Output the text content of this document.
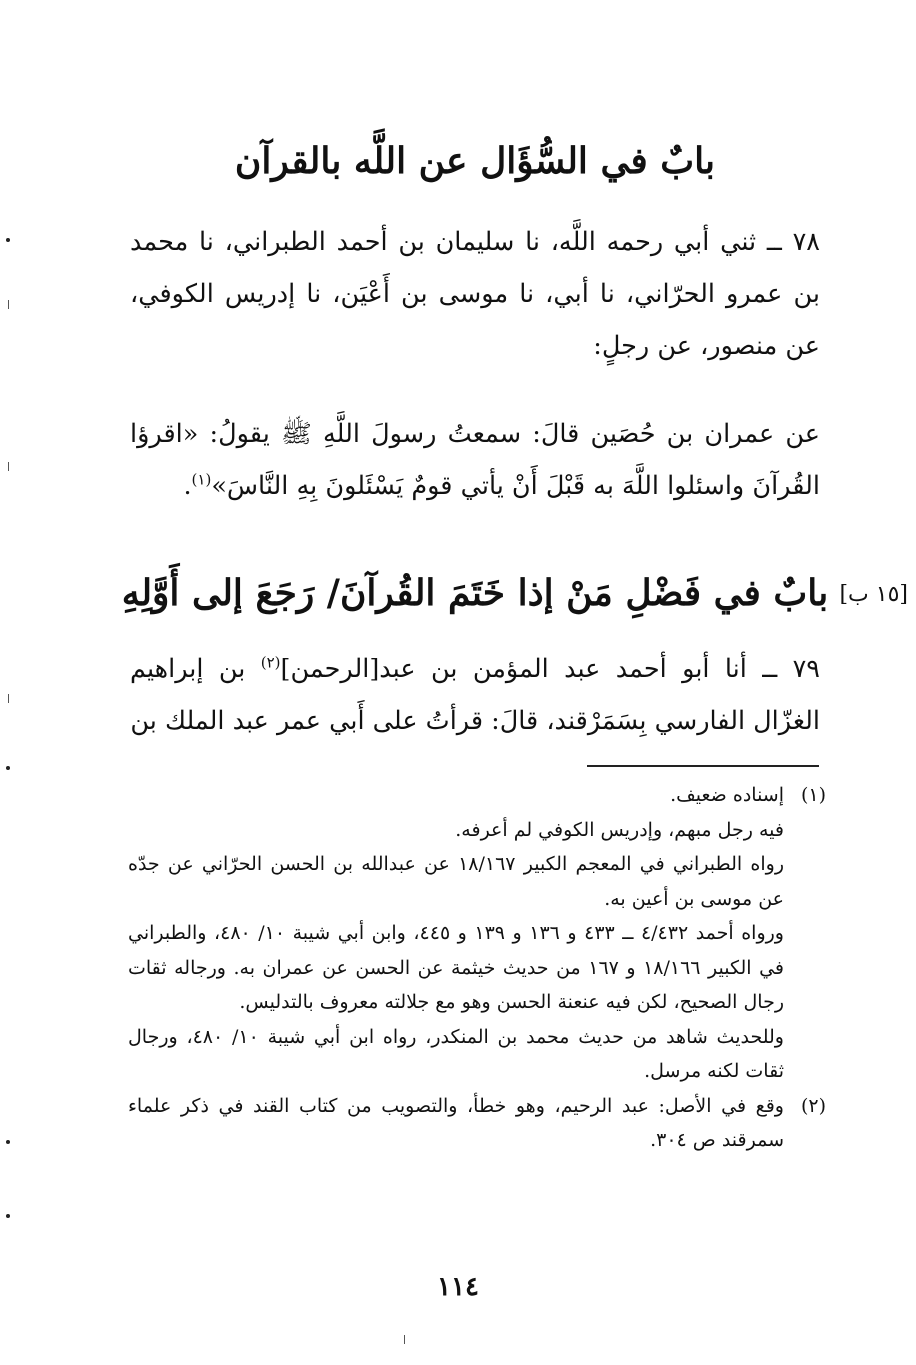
بابٌ في السُّؤَال عن اللَّه بالقرآن
٧٨ ــ ثني أبي رحمه اللَّه، نا سليمان بن أحمد الطبراني، نا محمد بن عمرو الحرّاني، نا أبي، نا موسى بن أَعْيَن، نا إدريس الكوفي، عن منصور، عن رجلٍ:
عن عمران بن حُصَين قالَ: سمعتُ رسولَ اللَّهِ ﷺ يقولُ: «اقرؤا القُرآنَ واسئلوا اللَّهَ به قَبْلَ أَنْ يأتي قومٌ يَسْئَلونَ بِهِ النَّاسَ»$^{(١)}$.
[١٥ ب]
بابٌ في فَضْلِ مَنْ إذا خَتَمَ القُرآنَ/ رَجَعَ إلى أَوَّلِهِ
٧٩ ــ أنا أبو أحمد عبد المؤمن بن عبد[الرحمن]$^{(٢)}$ بن إبراهيم الغزّال الفارسي بِسَمَرْقند، قالَ: قرأتُ على أَبي عمر عبد الملك بن
(١)
إسناده ضعيف.
فيه رجل مبهم، وإدريس الكوفي لم أعرفه.
رواه الطبراني في المعجم الكبير ١٨/١٦٧ عن عبدالله بن الحسن الحرّاني عن جدّه عن موسى بن أعين به.
ورواه أحمد ٤/٤٣٢ ــ ٤٣٣ و ١٣٦ و ١٣٩ و ٤٤٥، وابن أبي شيبة ١٠/ ٤٨٠، والطبراني في الكبير ١٨/١٦٦ و ١٦٧ من حديث خيثمة عن الحسن عن عمران به. ورجاله ثقات رجال الصحيح، لكن فيه عنعنة الحسن وهو مع جلالته معروف بالتدليس.
وللحديث شاهد من حديث محمد بن المنكدر، رواه ابن أبي شيبة ١٠/ ٤٨٠، ورجال ثقات لكنه مرسل.
(٢)
وقع في الأصل: عبد الرحيم، وهو خطأ، والتصويب من كتاب القند في ذكر علماء سمرقند ص ٣٠٤.
١١٤
